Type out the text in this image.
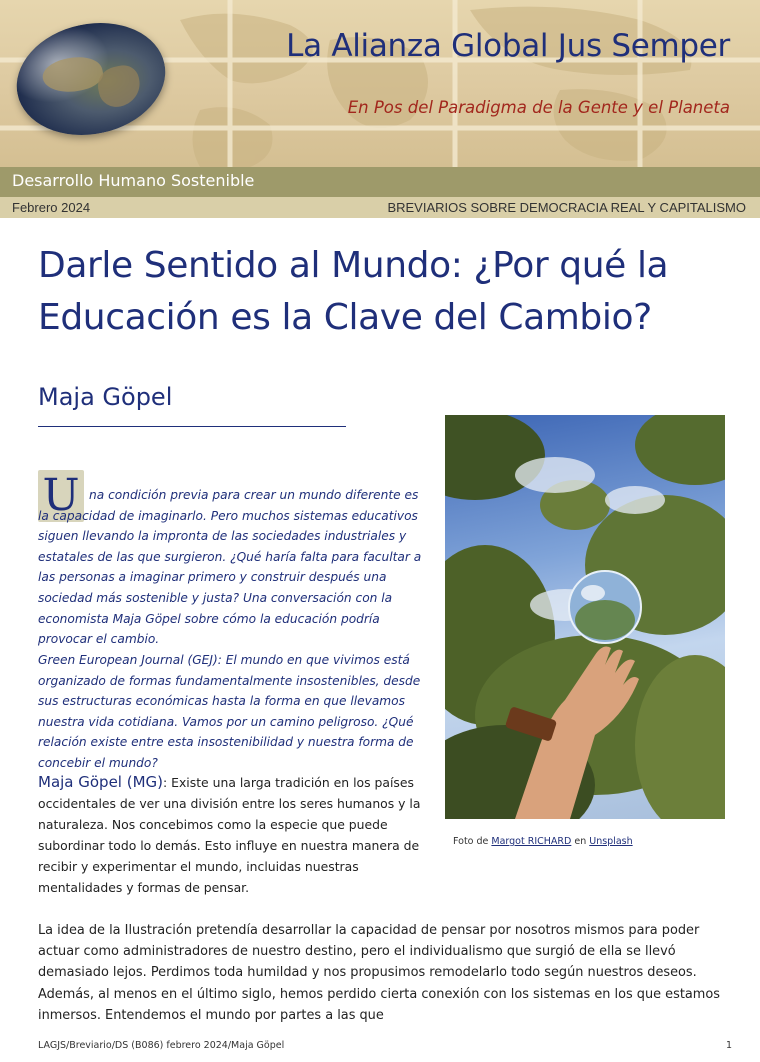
La Alianza Global Jus Semper
En Pos del Paradigma de la Gente y el Planeta
Desarrollo Humano Sostenible
Febrero 2024	BREVIARIOS SOBRE DEMOCRACIA REAL Y CAPITALISMO
Darle Sentido al Mundo: ¿Por qué la Educación es la Clave del Cambio?
Maja Göpel
Foto de Margot RICHARD en Unsplash
U na condición previa para crear un mundo diferente es la capacidad de imaginarlo. Pero muchos sistemas educativos siguen llevando la impronta de las sociedades industriales y estatales de las que surgieron. ¿Qué haría falta para facultar a las personas a imaginar primero y construir después una sociedad más sostenible y justa? Una conversación con la economista Maja Göpel sobre cómo la educación podría provocar el cambio.

Green European Journal (GEJ): El mundo en que vivimos está organizado de formas fundamentalmente insostenibles, desde sus estructuras económicas hasta la forma en que llevamos nuestra vida cotidiana. Vamos por un camino peligroso. ¿Qué relación existe entre esta insostenibilidad y nuestra forma de concebir el mundo?

Maja Göpel (MG): Existe una larga tradición en los países occidentales de ver una división entre los seres humanos y la naturaleza. Nos concebimos como la especie que puede subordinar todo lo demás. Esto influye en nuestra manera de recibir y experimentar el mundo, incluidas nuestras mentalidades y formas de pensar.

La idea de la Ilustración pretendía desarrollar la capacidad de pensar por nosotros mismos para poder actuar como administradores de nuestro destino, pero el individualismo que surgió de ella se llevó demasiado lejos. Perdimos toda humildad y nos propusimos remodelarlo todo según nuestros deseos. Además, al menos en el último siglo, hemos perdido cierta conexión con los sistemas en los que estamos inmersos. Entendemos el mundo por partes a las que

LAGJS/Breviario/DS (B086) febrero 2024/Maja Göpel	1
